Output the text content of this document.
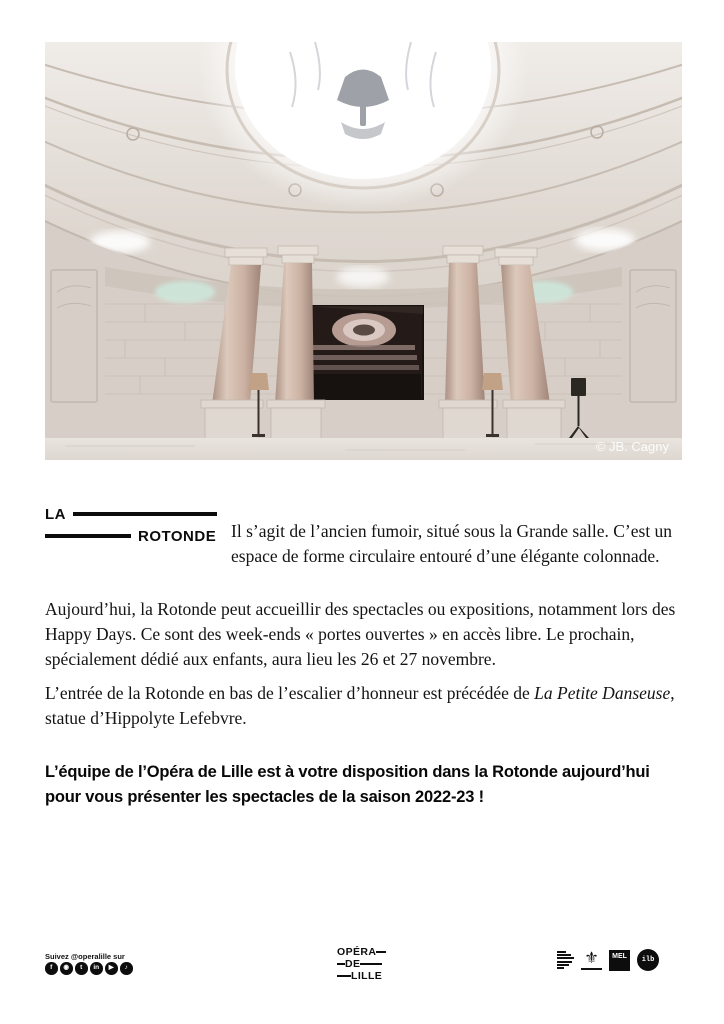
© JB. Cagny
LA
ROTONDE Il s’agit de l’ancien fumoir, situé sous la Grande salle. C’est un espace de forme circulaire entouré d’une élégante colonnade.

Aujourd’hui, la Rotonde peut accueillir des spectacles ou expositions, notamment lors des Happy Days. Ce sont des week-ends « portes ouvertes » en accès libre. Le prochain, spécialement dédié aux enfants, aura lieu les 26 et 27 novembre.

L’entrée de la Rotonde en bas de l’escalier d’honneur est précédée de La Petite Danseuse, statue d’Hippolyte Lefebvre.

L’équipe de l’Opéra de Lille est à votre disposition dans la Rotonde aujourd’hui pour vous présenter les spectacles de la saison 2022-23 !

Suivez @operalille sur
f	◉	t	in	▶	♪
OPÉRA
DE
LILLE
⚜	MEL	ilb
